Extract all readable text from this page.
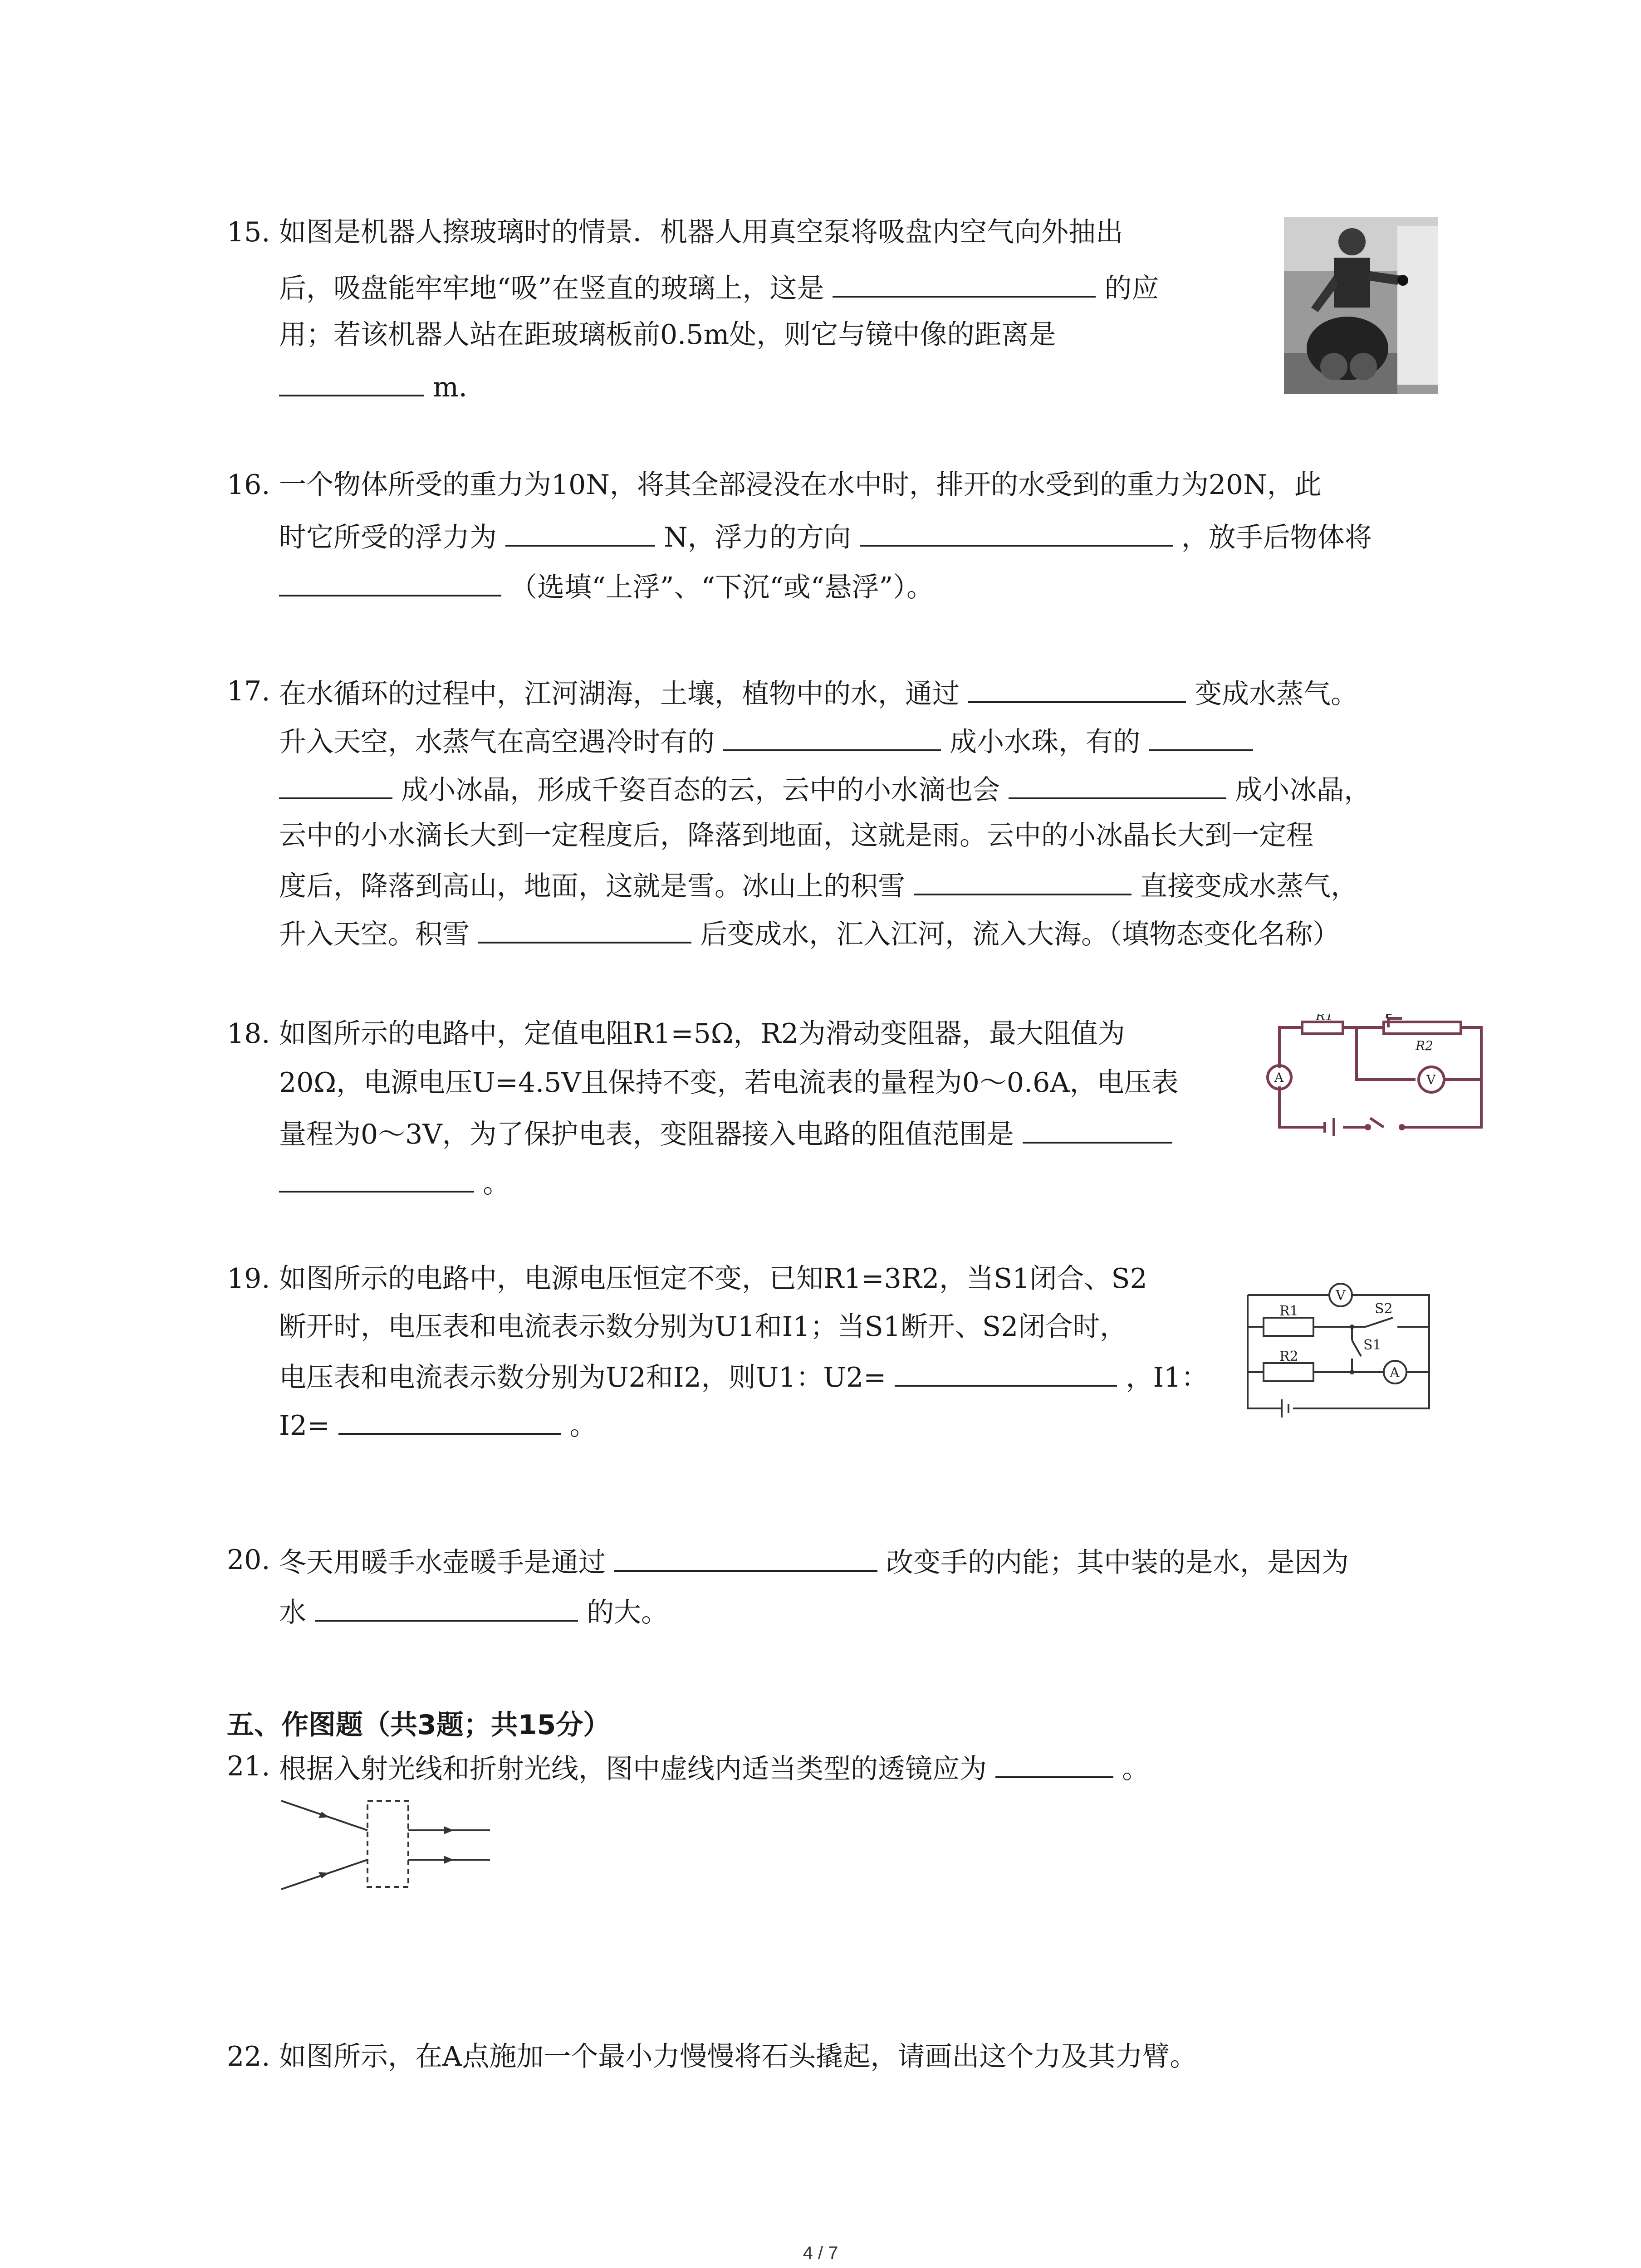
15. 如图是机器人擦玻璃时的情景．机器人用真空泵将吸盘内空气向外抽出
后，吸盘能牢牢地“吸”在竖直的玻璃上，这是	的应
用；若该机器人站在距玻璃板前0.5m处，则它与镜中像的距离是
m．
16. 一个物体所受的重力为10N，将其全部浸没在水中时，排开的水受到的重力为20N，此
时它所受的浮力为	N，浮力的方向	，放手后物体将
（选填“上浮”、“下沉“或“悬浮”）。
17. 在水循环的过程中，江河湖海，土壤，植物中的水，通过	变成水蒸气。
升入天空，水蒸气在高空遇冷时有的	成小水珠，有的
成小冰晶，形成千姿百态的云，云中的小水滴也会	成小冰晶，
云中的小水滴长大到一定程度后，降落到地面，这就是雨。云中的小冰晶长大到一定程
度后，降落到高山，地面，这就是雪。冰山上的积雪	直接变成水蒸气，
升入天空。积雪	后变成水，汇入江河，流入大海。（填物态变化名称）
18. 如图所示的电路中，定值电阻R1=5Ω，R2为滑动变阻器，最大阻值为
20Ω，电源电压U=4.5V且保持不变，若电流表的量程为0～0.6A，电压表
量程为0～3V，为了保护电表，变阻器接入电路的阻值范围是
。
R1	P
R2
A	V
19. 如图所示的电路中，电源电压恒定不变，已知R1=3R2，当S1闭合、S2
断开时，电压表和电流表示数分别为U1和I1；当S1断开、S2闭合时，
电压表和电流表示数分别为U2和I2，则U1：U2=	，I1：
I2=	。
R1
R2
S1
S2
A
V
20. 冬天用暖手水壶暖手是通过	改变手的内能；其中装的是水，是因为
水	的大。
五、作图题（共3题；共15分）
21. 根据入射光线和折射光线，图中虚线内适当类型的透镜应为	。
22. 如图所示，在A点施加一个最小力慢慢将石头撬起，请画出这个力及其力臂。
4 / 7
